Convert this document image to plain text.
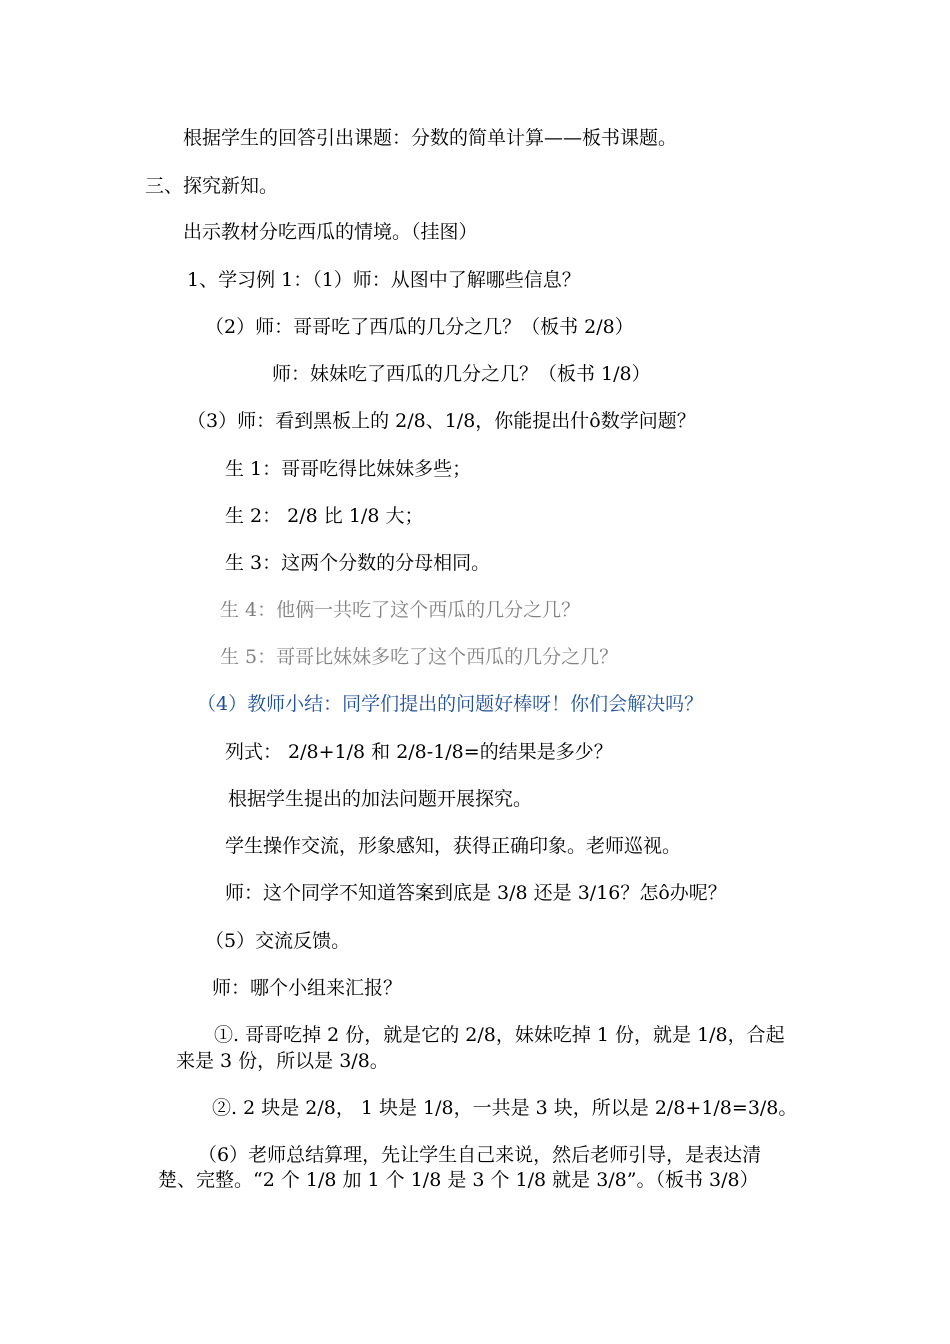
根据学生的回答引出课题：分数的简单计算——板书课题。
三、探究新知。
出示教材分吃西瓜的情境。（挂图）
1、学习例 1：（1）师：从图中了解哪些信息？
（2）师：哥哥吃了西瓜的几分之几？（板书 2/8）
师：妹妹吃了西瓜的几分之几？（板书 1/8）
（3）师：看到黑板上的 2/8、1/8，你能提出什ô数学问题？
生 1：哥哥吃得比妹妹多些；
生 2： 2/8 比 1/8 大；
生 3：这两个分数的分母相同。
生 4：他俩一共吃了这个西瓜的几分之几？
生 5：哥哥比妹妹多吃了这个西瓜的几分之几？
（4）教师小结：同学们提出的问题好棒呀！你们会解决吗？
列式： 2/8+1/8 和 2/8-1/8=的结果是多少？
根据学生提出的加法问题开展探究。
学生操作交流，形象感知，获得正确印象。老师巡视。
师：这个同学不知道答案到底是 3/8 还是 3/16？怎ô办呢？
（5）交流反馈。
师：哪个小组来汇报？
①. 哥哥吃掉 2 份，就是它的 2/8，妹妹吃掉 1 份，就是 1/8，合起
来是 3 份，所以是 3/8。
②. 2 块是 2/8， 1 块是 1/8，一共是 3 块，所以是 2/8+1/8=3/8。
（6）老师总结算理，先让学生自己来说，然后老师引导，是表达清
楚、完整。“2 个 1/8 加 1 个 1/8 是 3 个 1/8 就是 3/8”。（板书 3/8）
